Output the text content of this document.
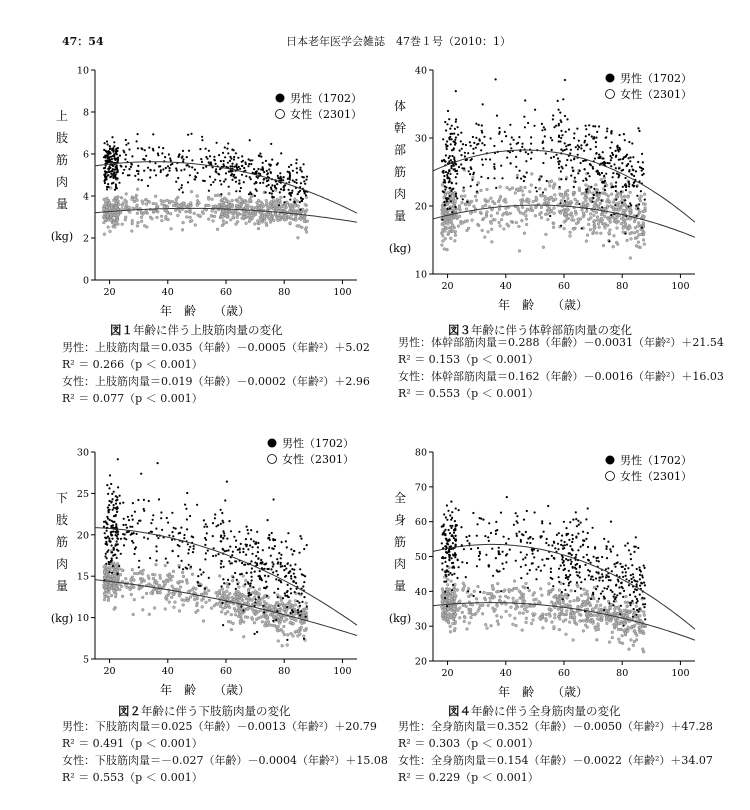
47：54	日本老年医学会雑誌　47巻１号（2010：1）
0
2
4
6
8
10
20	40	60	80	100
年　齢　　（歳）
上
肢
筋
肉
量
(kg)
男性（1702）
女性（2301）
図１年齢に伴う上肢筋肉量の変化
男性：上肢筋肉量＝0.035（年齢）－0.0005（年齢²）＋5.02
R² ＝ 0.266（p ＜ 0.001）
女性：上肢筋肉量＝0.019（年齢）－0.0002（年齢²）＋2.96
R² ＝ 0.077（p ＜ 0.001）
10
20
30
40
20	40	60	80	100
年　齢　　（歳）
体
幹
部
筋
肉
量
(kg)
男性（1702）
女性（2301）
図３年齢に伴う体幹部筋肉量の変化
男性：体幹部筋肉量＝0.288（年齢）－0.0031（年齢²）＋21.54
R² ＝ 0.153（p ＜ 0.001）
女性：体幹部筋肉量＝0.162（年齢）－0.0016（年齢²）＋16.03
R² ＝ 0.553（p ＜ 0.001）
5
10
15
20
25
30
20	40	60	80	100
年　齢　　（歳）
下
肢
筋
肉
量
(kg)
男性（1702）
女性（2301）
図２年齢に伴う下肢筋肉量の変化
男性：下肢筋肉量＝0.025（年齢）－0.0013（年齢²）＋20.79
R² ＝ 0.491（p ＜ 0.001）
女性：下肢筋肉量＝－0.027（年齢）－0.0004（年齢²）＋15.08
R² ＝ 0.553（p ＜ 0.001）
20
30
40
50
60
70
80
20	40	60	80	100
年　齢　　（歳）
全
身
筋
肉
量
(kg)
男性（1702）
女性（2301）
図４年齢に伴う全身筋肉量の変化
男性：全身筋肉量＝0.352（年齢）－0.0050（年齢²）＋47.28
R² ＝ 0.303（p ＜ 0.001）
女性：全身筋肉量＝0.154（年齢）－0.0022（年齢²）＋34.07
R² ＝ 0.229（p ＜ 0.001）
